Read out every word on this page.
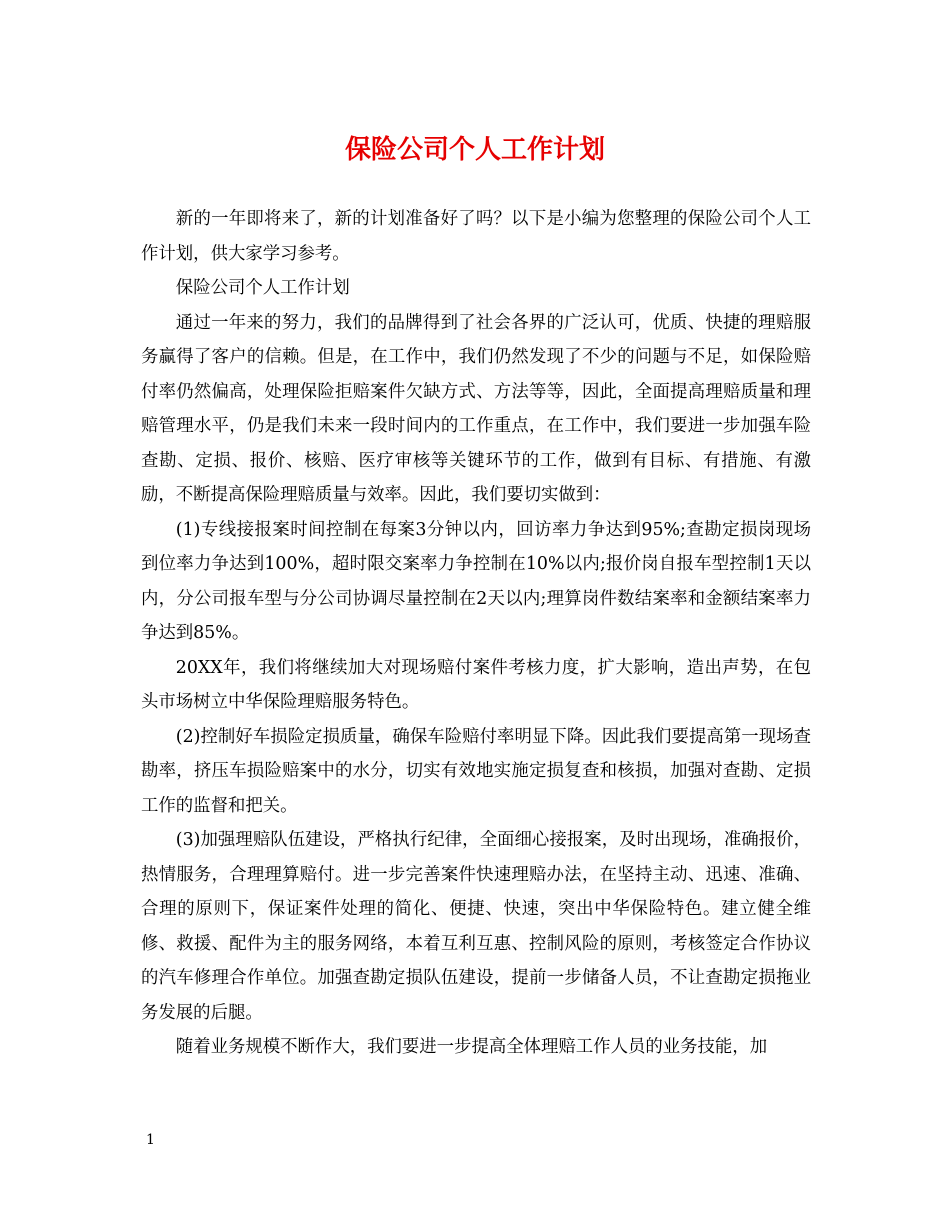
保险公司个人工作计划

新的一年即将来了，新的计划准备好了吗？以下是小编为您整理的保险公司个人工作计划，供大家学习参考。

保险公司个人工作计划

通过一年来的努力，我们的品牌得到了社会各界的广泛认可，优质、快捷的理赔服务赢得了客户的信赖。但是，在工作中，我们仍然发现了不少的问题与不足，如保险赔付率仍然偏高，处理保险拒赔案件欠缺方式、方法等等，因此，全面提高理赔质量和理赔管理水平，仍是我们未来一段时间内的工作重点，在工作中，我们要进一步加强车险查勘、定损、报价、核赔、医疗审核等关键环节的工作，做到有目标、有措施、有激励，不断提高保险理赔质量与效率。因此，我们要切实做到：

(1)专线接报案时间控制在每案3分钟以内，回访率力争达到95%;查勘定损岗现场到位率力争达到100%，超时限交案率力争控制在10%以内;报价岗自报车型控制1天以内，分公司报车型与分公司协调尽量控制在2天以内;理算岗件数结案率和金额结案率力争达到85%。

20XX年，我们将继续加大对现场赔付案件考核力度，扩大影响，造出声势，在包头市场树立中华保险理赔服务特色。

(2)控制好车损险定损质量，确保车险赔付率明显下降。因此我们要提高第一现场查勘率，挤压车损险赔案中的水分，切实有效地实施定损复查和核损，加强对查勘、定损工作的监督和把关。

(3)加强理赔队伍建设，严格执行纪律，全面细心接报案，及时出现场，准确报价，热情服务，合理理算赔付。进一步完善案件快速理赔办法，在坚持主动、迅速、准确、合理的原则下，保证案件处理的简化、便捷、快速，突出中华保险特色。建立健全维修、救援、配件为主的服务网络，本着互利互惠、控制风险的原则，考核签定合作协议的汽车修理合作单位。加强查勘定损队伍建设，提前一步储备人员，不让查勘定损拖业务发展的后腿。

随着业务规模不断作大，我们要进一步提高全体理赔工作人员的业务技能，加

1
